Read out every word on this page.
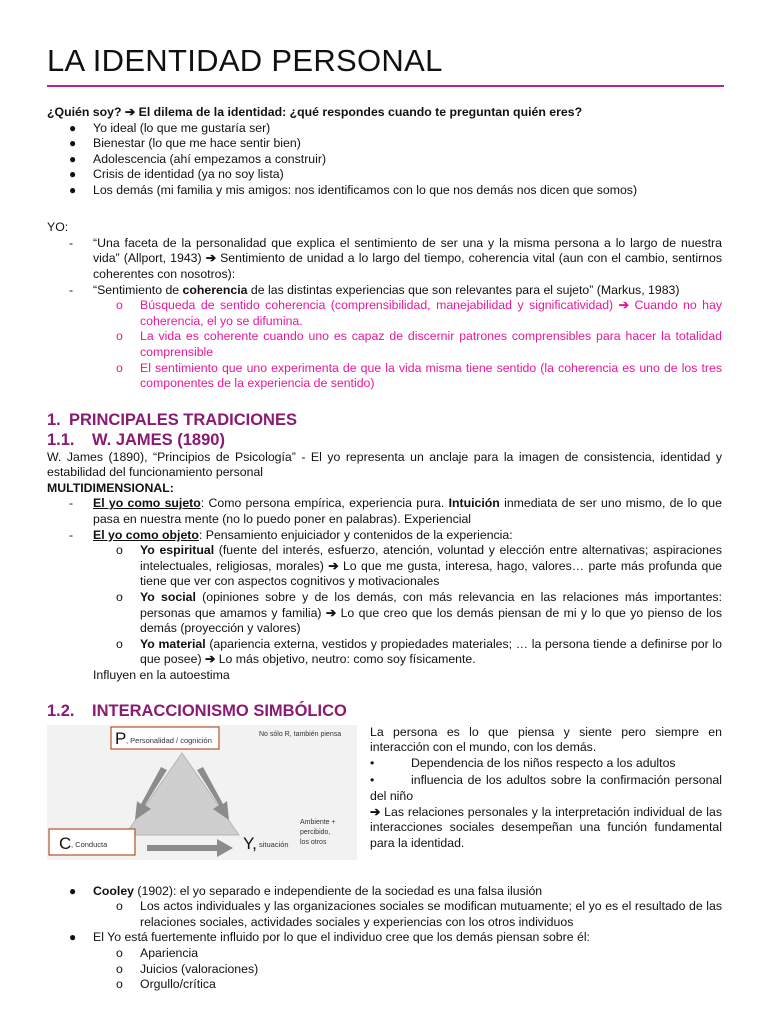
LA IDENTIDAD PERSONAL

¿Quién soy? ➔ El dilema de la identidad: ¿qué respondes cuando te preguntan quién eres?

● Yo ideal (lo que me gustaría ser)
● Bienestar (lo que me hace sentir bien)
● Adolescencia (ahí empezamos a construir)
● Crisis de identidad (ya no soy lista)
● Los demás (mi familia y mis amigos: nos identificamos con lo que nos demás nos dicen que somos)

YO:

- “Una faceta de la personalidad que explica el sentimiento de ser una y la misma persona a lo largo de nuestra vida” (Allport, 1943) ➔ Sentimiento de unidad a lo largo del tiempo, coherencia vital (aun con el cambio, sentirnos coherentes con nosotros):
- “Sentimiento de coherencia de las distintas experiencias que son relevantes para el sujeto” (Markus, 1983)
o Búsqueda de sentido coherencia (comprensibilidad, manejabilidad y significatividad) ➔ Cuando no hay coherencia, el yo se difumina.
o La vida es coherente cuando uno es capaz de discernir patrones comprensibles para hacer la totalidad comprensible
o El sentimiento que uno experimenta de que la vida misma tiene sentido (la coherencia es uno de los tres componentes de la experiencia de sentido)

1. PRINCIPALES TRADICIONES

1.1. W. JAMES (1890)

W. James (1890), “Principios de Psicología” - El yo representa un anclaje para la imagen de consistencia, identidad y estabilidad del funcionamiento personal

MULTIDIMENSIONAL:

- El yo como sujeto: Como persona empírica, experiencia pura. Intuición inmediata de ser uno mismo, de lo que pasa en nuestra mente (no lo puedo poner en palabras). Experiencial
- El yo como objeto: Pensamiento enjuiciador y contenidos de la experiencia:
o Yo espiritual (fuente del interés, esfuerzo, atención, voluntad y elección entre alternativas; aspiraciones intelectuales, religiosas, morales) ➔ Lo que me gusta, interesa, hago, valores… parte más profunda que tiene que ver con aspectos cognitivos y motivacionales
o Yo social (opiniones sobre y de los demás, con más relevancia en las relaciones más importantes: personas que amamos y familia) ➔ Lo que creo que los demás piensan de mi y lo que yo pienso de los demás (proyección y valores)
o Yo material (apariencia externa, vestidos y propiedades materiales; … la persona tiende a definirse por lo que posee) ➔ Lo más objetivo, neutro: como soy físicamente.
Influyen en la autoestima

1.2. INTERACCIONISMO SIMBÓLICO

P , Personalidad / cognición
No sólo R, también piensa
C , Conducta	Y, situación
Ambiente +
percibido,
los otros

La persona es lo que piensa y siente pero siempre en interacción con el mundo, con los demás.

•	Dependencia de los niños respecto a los adultos
•	influencia de los adultos sobre la confirmación personal del niño

➔ Las relaciones personales y la interpretación individual de las interacciones sociales desempeñan una función fundamental para la identidad.

● Cooley (1902): el yo separado e independiente de la sociedad es una falsa ilusión
o Los actos individuales y las organizaciones sociales se modifican mutuamente; el yo es el resultado de las relaciones sociales, actividades sociales y experiencias con los otros individuos
● El Yo está fuertemente influido por lo que el individuo cree que los demás piensan sobre él:
o Apariencia
o Juicios (valoraciones)
o Orgullo/crítica
